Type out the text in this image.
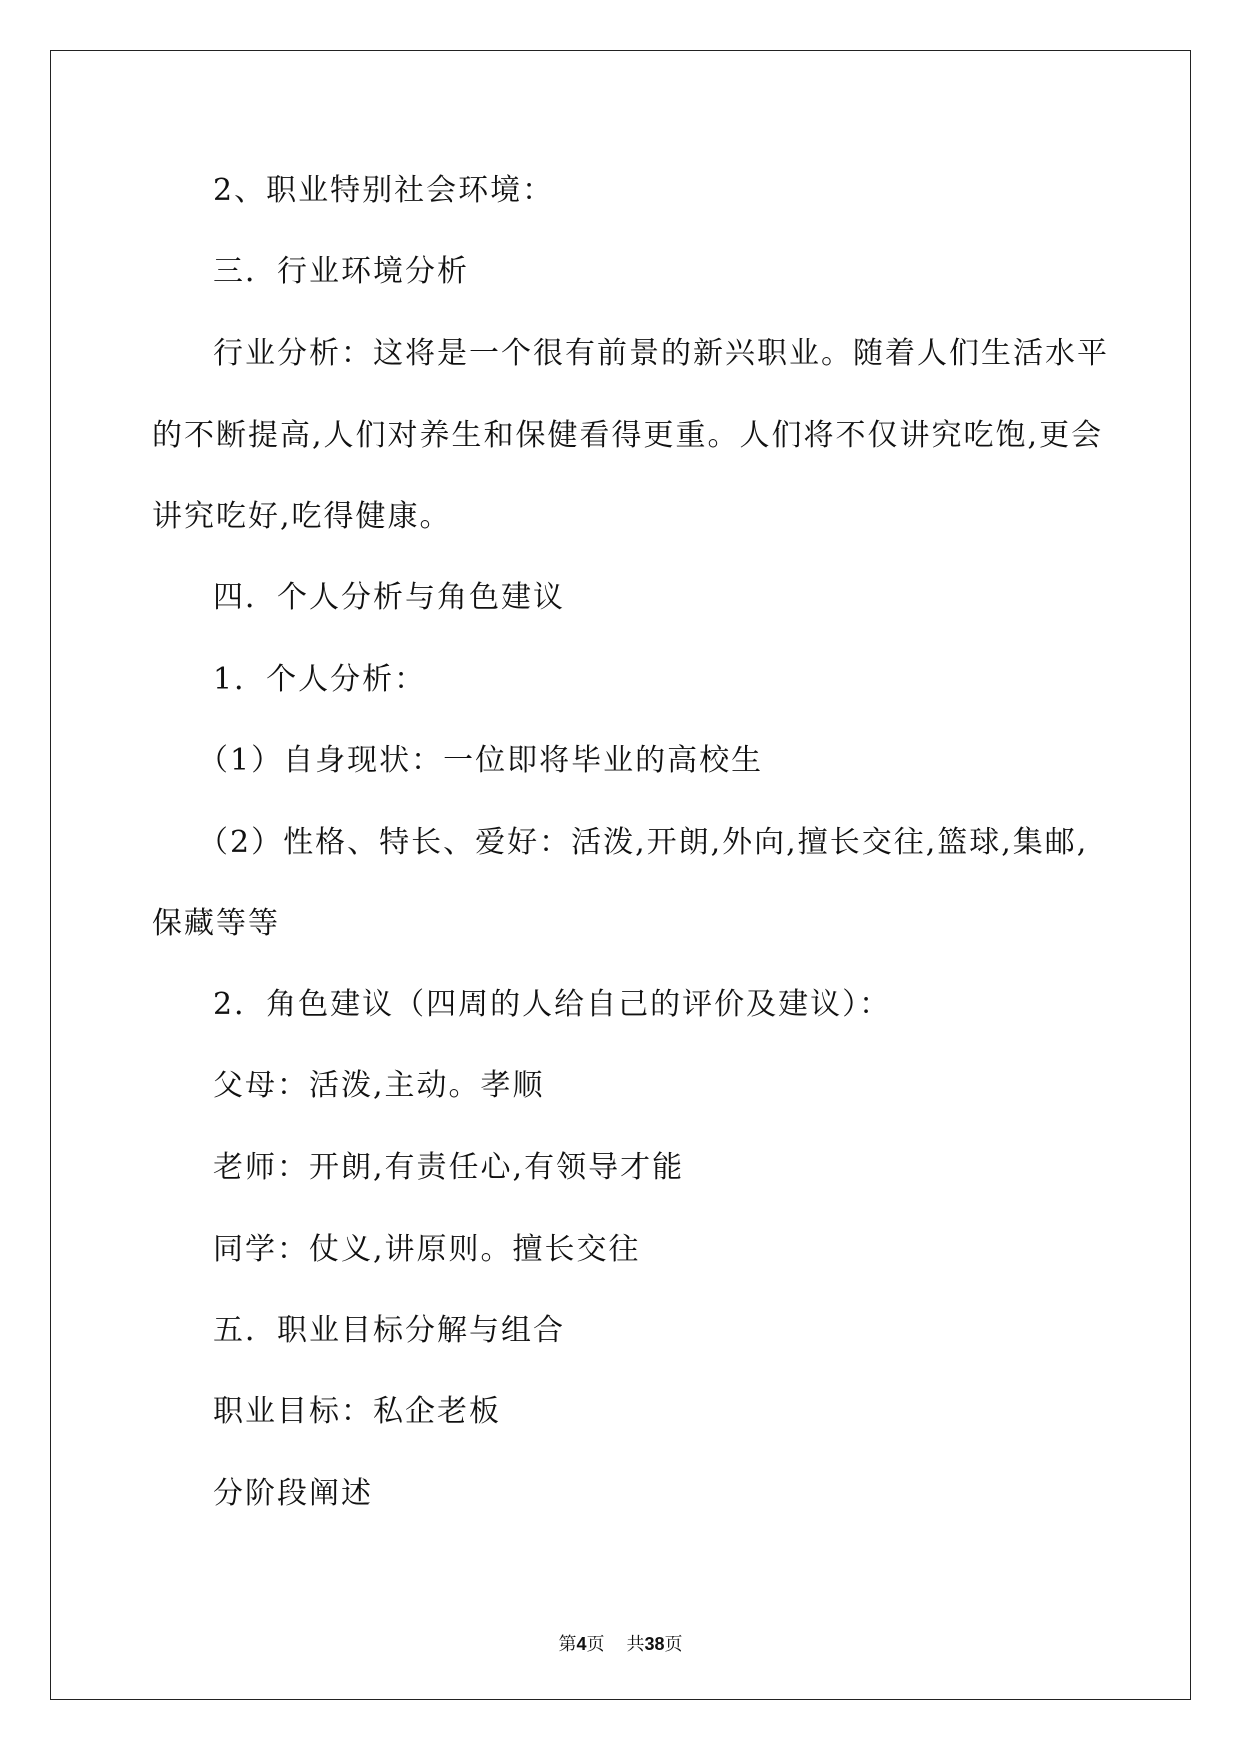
2、职业特别社会环境：
三．行业环境分析
行业分析：这将是一个很有前景的新兴职业。随着人们生活水平
的不断提高,人们对养生和保健看得更重。人们将不仅讲究吃饱,更会
讲究吃好,吃得健康。
四．个人分析与角色建议
1．个人分析：
（1）自身现状：一位即将毕业的高校生
（2）性格、特长、爱好：活泼,开朗,外向,擅长交往,篮球,集邮,
保藏等等
2．角色建议（四周的人给自己的评价及建议）：
父母：活泼,主动。孝顺
老师：开朗,有责任心,有领导才能
同学：仗义,讲原则。擅长交往
五．职业目标分解与组合
职业目标：私企老板
分阶段阐述
第4页 共38页
